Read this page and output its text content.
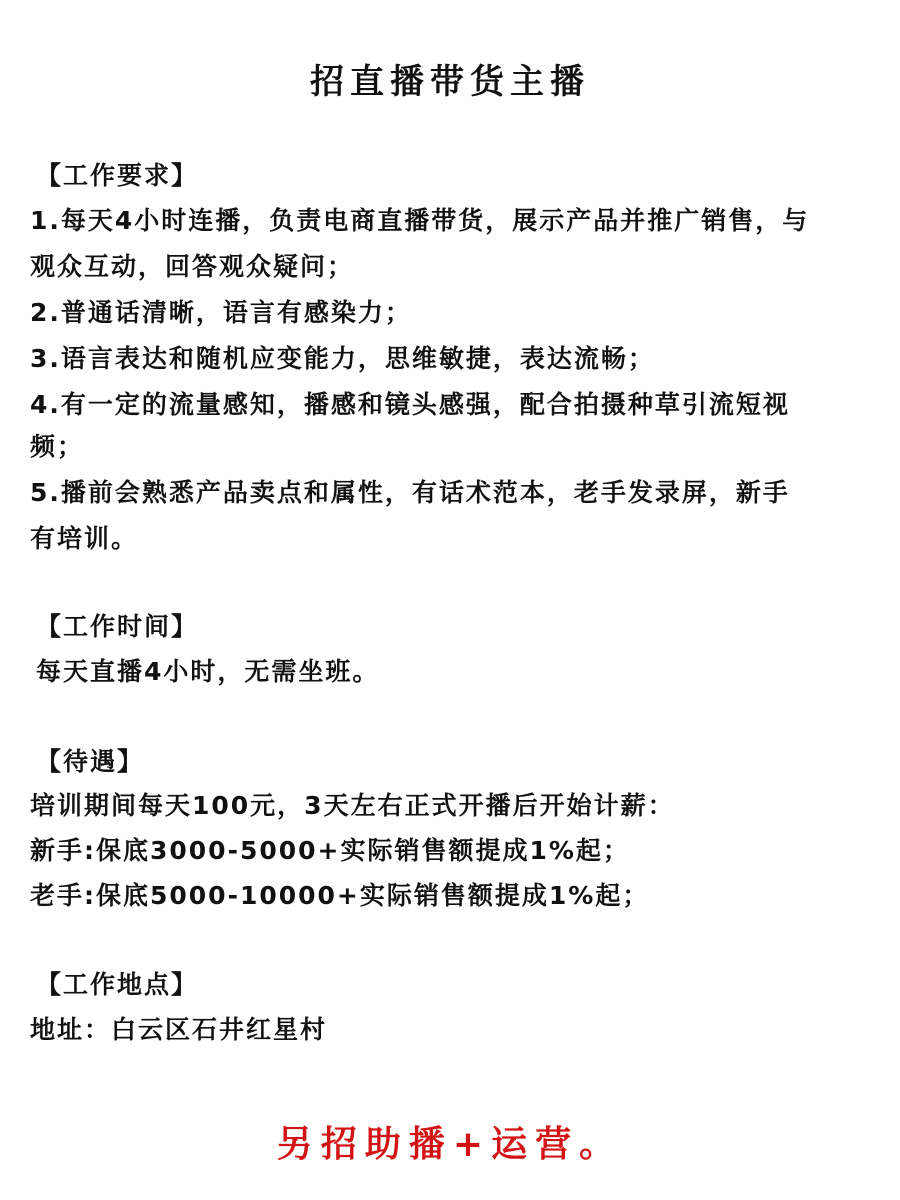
招直播带货主播
【工作要求】
1.每天4小时连播，负责电商直播带货，展示产品并推广销售，与
观众互动，回答观众疑问；
2.普通话清晰，语言有感染力；
3.语言表达和随机应变能力，思维敏捷，表达流畅；
4.有一定的流量感知，播感和镜头感强，配合拍摄种草引流短视
频；
5.播前会熟悉产品卖点和属性，有话术范本，老手发录屏，新手
有培训。
【工作时间】
每天直播4小时，无需坐班。
【待遇】
培训期间每天100元，3天左右正式开播后开始计薪：
新手:保底3000-5000+实际销售额提成1%起；
老手:保底5000-10000+实际销售额提成1%起；
【工作地点】
地址：白云区石井红星村
另招助播+运营。
